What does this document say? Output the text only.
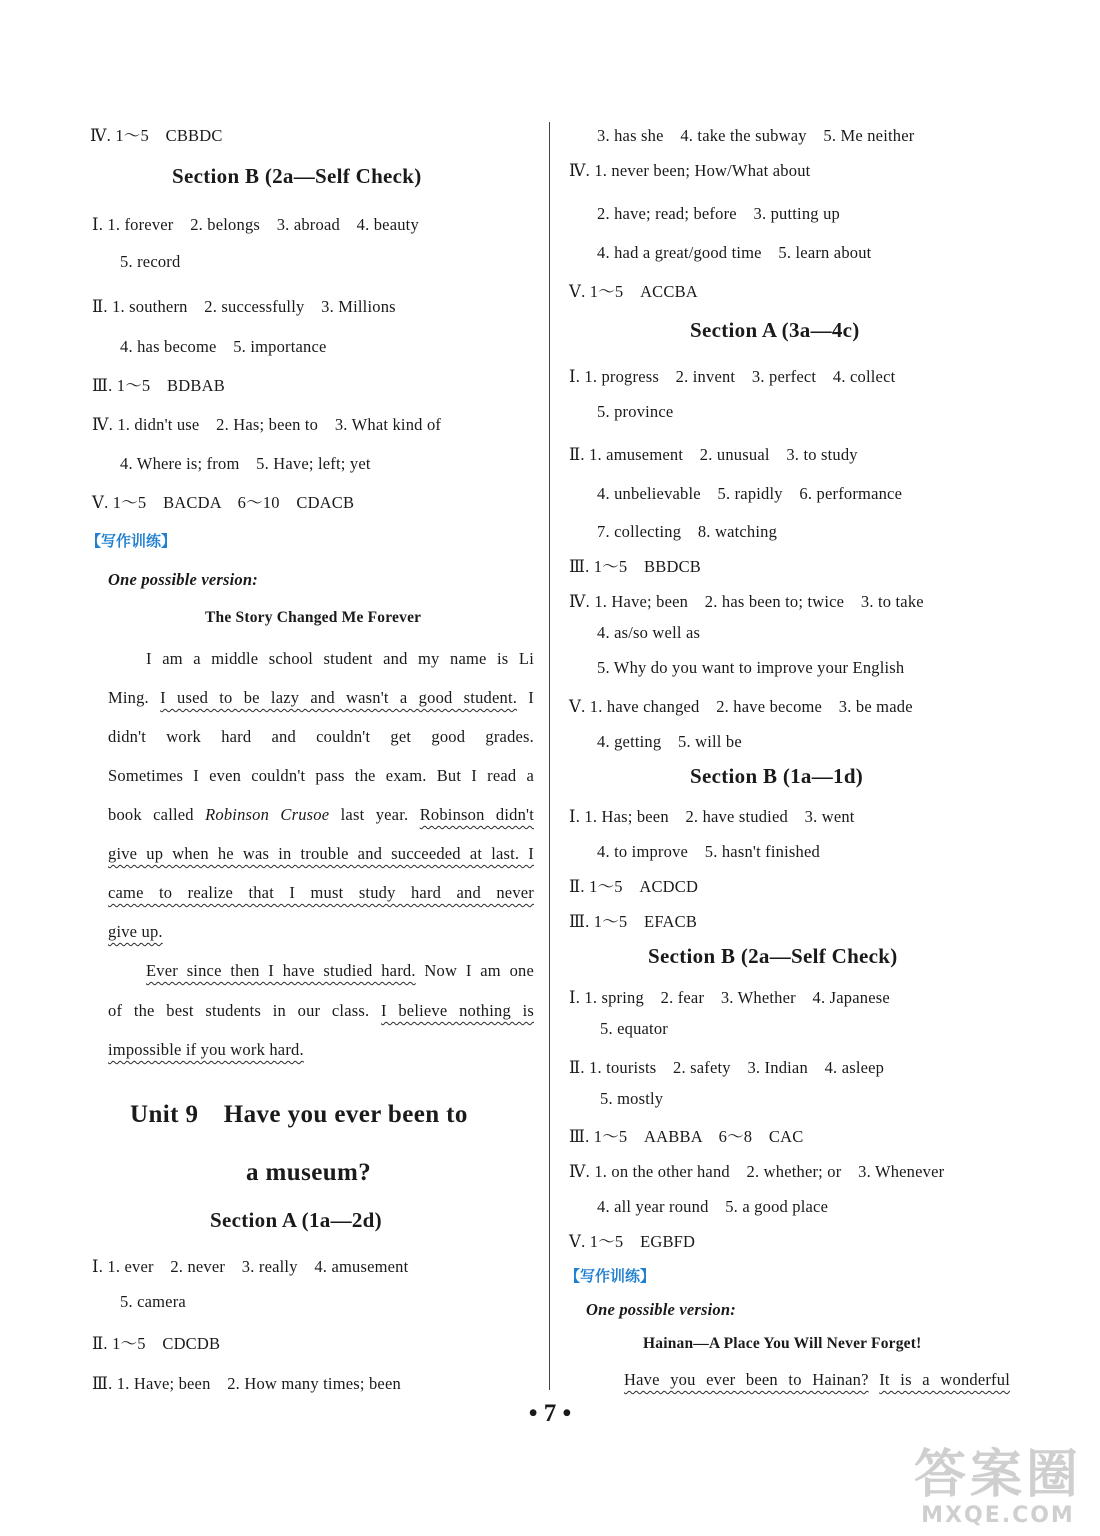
Ⅳ. 1～5　CBBDC
Section B (2a—Self Check)
Ⅰ. 1. forever　2. belongs　3. abroad　4. beauty
5. record
Ⅱ. 1. southern　2. successfully　3. Millions
4. has become　5. importance
Ⅲ. 1～5　BDBAB
Ⅳ. 1. didn't use　2. Has; been to　3. What kind of
4. Where is; from　5. Have; left; yet
Ⅴ. 1～5　BACDA　6～10　CDACB
【写作训练】
One possible version:
The Story Changed Me Forever
I am a middle school student and my name is Li
Ming. I used to be lazy and wasn't a good student. I
didn't work hard and couldn't get good grades.
Sometimes I even couldn't pass the exam. But I read a
book called Robinson Crusoe last year. Robinson didn't
give up when he was in trouble and succeeded at last. I
came to realize that I must study hard and never
give up.
Ever since then I have studied hard. Now I am one
of the best students in our class. I believe nothing is
impossible if you work hard.
Unit 9　Have you ever been to
a museum?
Section A (1a—2d)
Ⅰ. 1. ever　2. never　3. really　4. amusement
5. camera
Ⅱ. 1～5　CDCDB
Ⅲ. 1. Have; been　2. How many times; been
3. has she　4. take the subway　5. Me neither
Ⅳ. 1. never been; How/What about
2. have; read; before　3. putting up
4. had a great/good time　5. learn about
Ⅴ. 1～5　ACCBA
Section A (3a—4c)
Ⅰ. 1. progress　2. invent　3. perfect　4. collect
5. province
Ⅱ. 1. amusement　2. unusual　3. to study
4. unbelievable　5. rapidly　6. performance
7. collecting　8. watching
Ⅲ. 1～5　BBDCB
Ⅳ. 1. Have; been　2. has been to; twice　3. to take
4. as/so well as
5. Why do you want to improve your English
Ⅴ. 1. have changed　2. have become　3. be made
4. getting　5. will be
Section B (1a—1d)
Ⅰ. 1. Has; been　2. have studied　3. went
4. to improve　5. hasn't finished
Ⅱ. 1～5　ACDCD
Ⅲ. 1～5　EFACB
Section B (2a—Self Check)
Ⅰ. 1. spring　2. fear　3. Whether　4. Japanese
5. equator
Ⅱ. 1. tourists　2. safety　3. Indian　4. asleep
5. mostly
Ⅲ. 1～5　AABBA　6～8　CAC
Ⅳ. 1. on the other hand　2. whether; or　3. Whenever
4. all year round　5. a good place
Ⅴ. 1～5　EGBFD
【写作训练】
One possible version:
Hainan—A Place You Will Never Forget!
Have you ever been to Hainan? It is a wonderful
• 7 •
答案圈
MXQE.COM
